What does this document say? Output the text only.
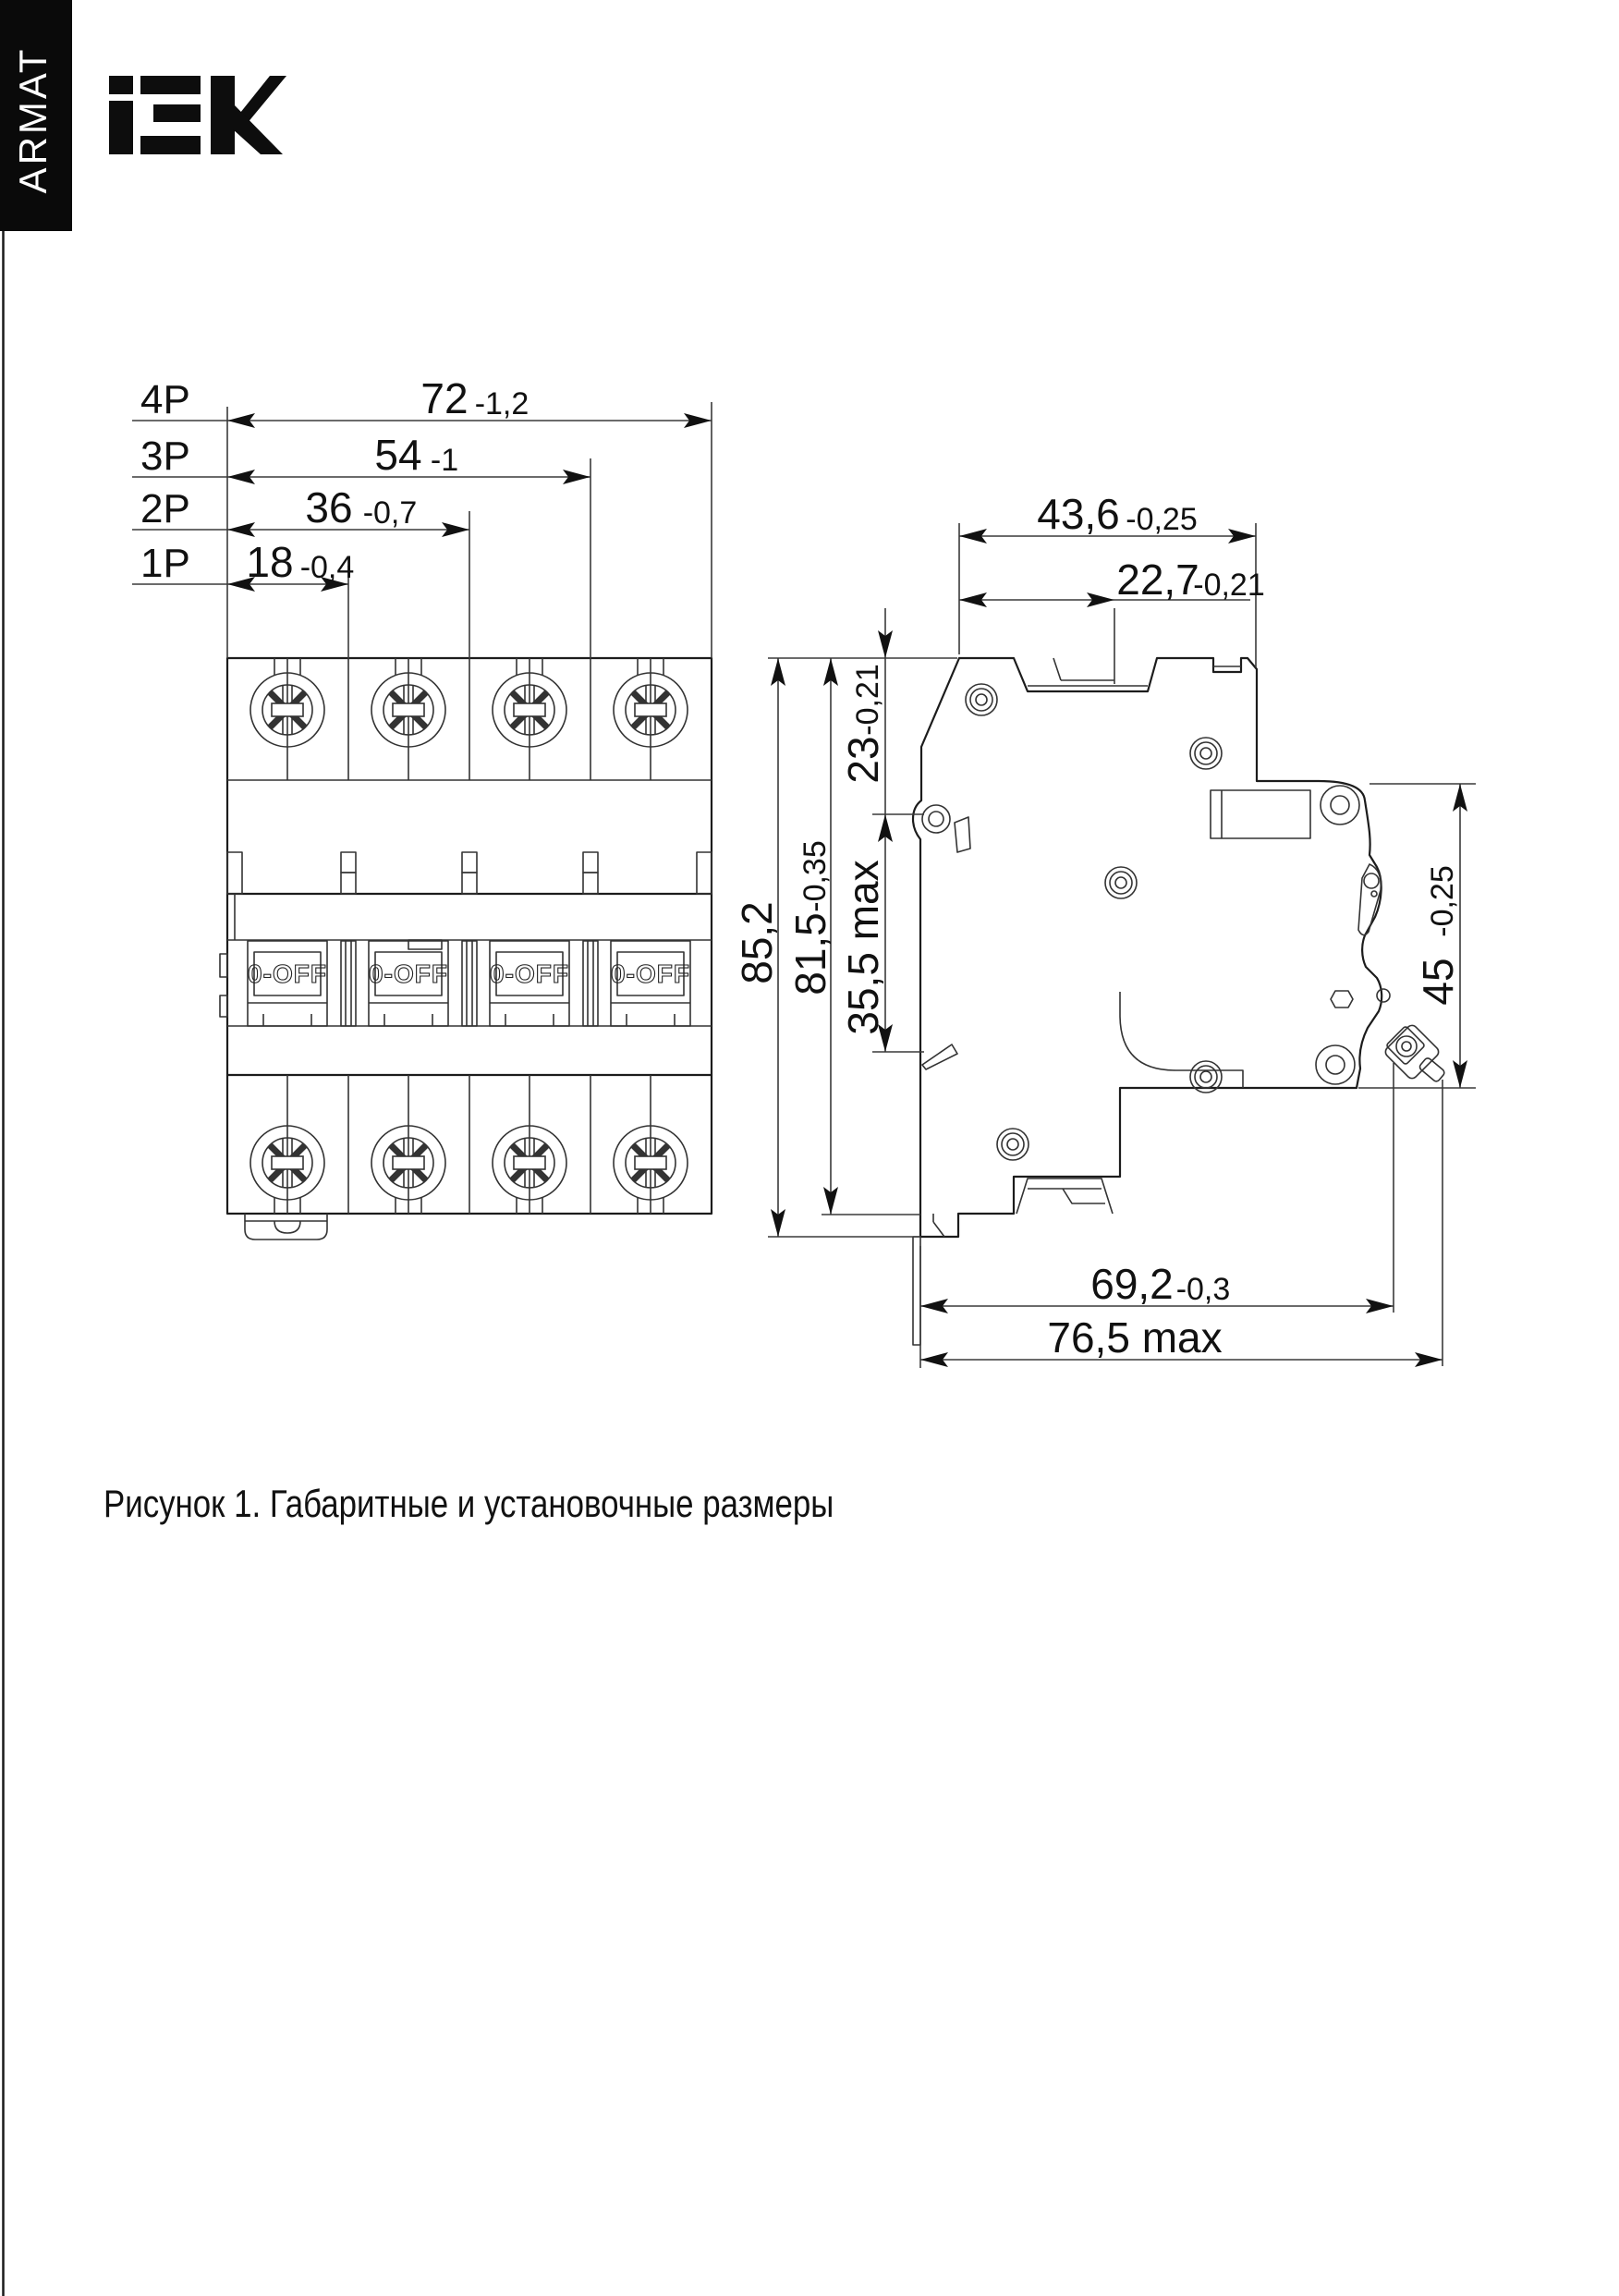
ARMAT
0-OFF 0-OFF 0-OFF 0-OFF
4P
3P
2P
1P
72 -1,2
54 -1
36 -0,7
18 -0,4
43,6 -0,25
22,7
-0,21
85,2 81,5
-0,35
23
-0,21
35,5 max	45
-0,25
69,2 -0,3
76,5 max
Рисунок 1. Габаритные и установочные размеры
